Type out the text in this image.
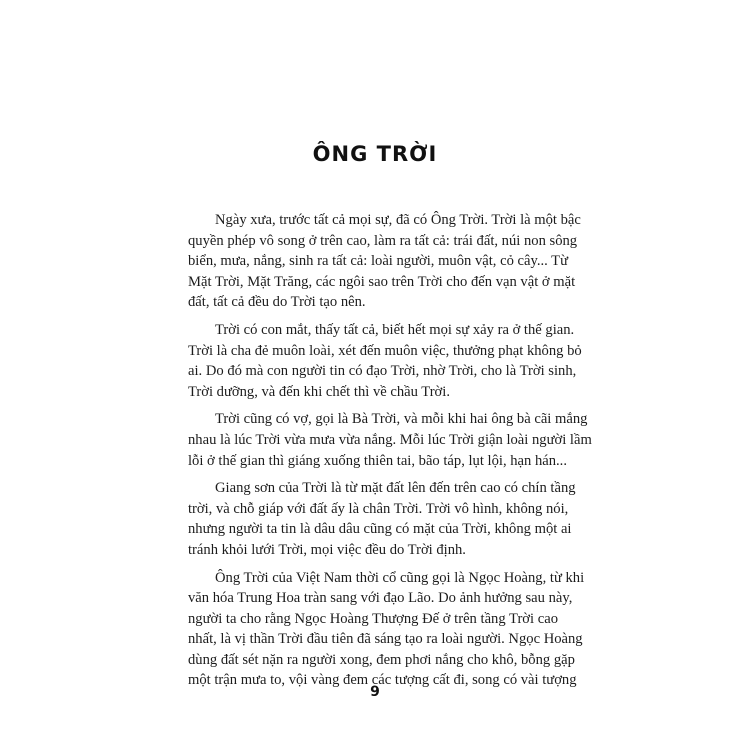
ÔNG TRỜI
Ngày xưa, trước tất cả mọi sự, đã có Ông Trời. Trời là một bậc
quyền phép vô song ở trên cao, làm ra tất cả: trái đất, núi non sông
biển, mưa, nắng, sinh ra tất cả: loài người, muôn vật, cỏ cây... Từ
Mặt Trời, Mặt Trăng, các ngôi sao trên Trời cho đến vạn vật ở mặt
đất, tất cả đều do Trời tạo nên.
Trời có con mắt, thấy tất cả, biết hết mọi sự xảy ra ở thế gian.
Trời là cha đẻ muôn loài, xét đến muôn việc, thưởng phạt không bỏ
ai. Do đó mà con người tin có đạo Trời, nhờ Trời, cho là Trời sinh,
Trời dưỡng, và đến khi chết thì về chầu Trời.
Trời cũng có vợ, gọi là Bà Trời, và mỗi khi hai ông bà cãi mắng
nhau là lúc Trời vừa mưa vừa nắng. Mỗi lúc Trời giận loài người lầm
lỗi ở thế gian thì giáng xuống thiên tai, bão táp, lụt lội, hạn hán...
Giang sơn của Trời là từ mặt đất lên đến trên cao có chín tầng
trời, và chỗ giáp với đất ấy là chân Trời. Trời vô hình, không nói,
nhưng người ta tin là dâu dâu cũng có mặt của Trời, không một ai
tránh khỏi lưới Trời, mọi việc đều do Trời định.
Ông Trời của Việt Nam thời cổ cũng gọi là Ngọc Hoàng, từ khi
văn hóa Trung Hoa tràn sang với đạo Lão. Do ảnh hưởng sau này,
người ta cho rằng Ngọc Hoàng Thượng Đế ở trên tầng Trời cao
nhất, là vị thần Trời đầu tiên đã sáng tạo ra loài người. Ngọc Hoàng
dùng đất sét nặn ra người xong, đem phơi nắng cho khô, bỗng gặp
một trận mưa to, vội vàng đem các tượng cất đi, song có vài tượng
9
